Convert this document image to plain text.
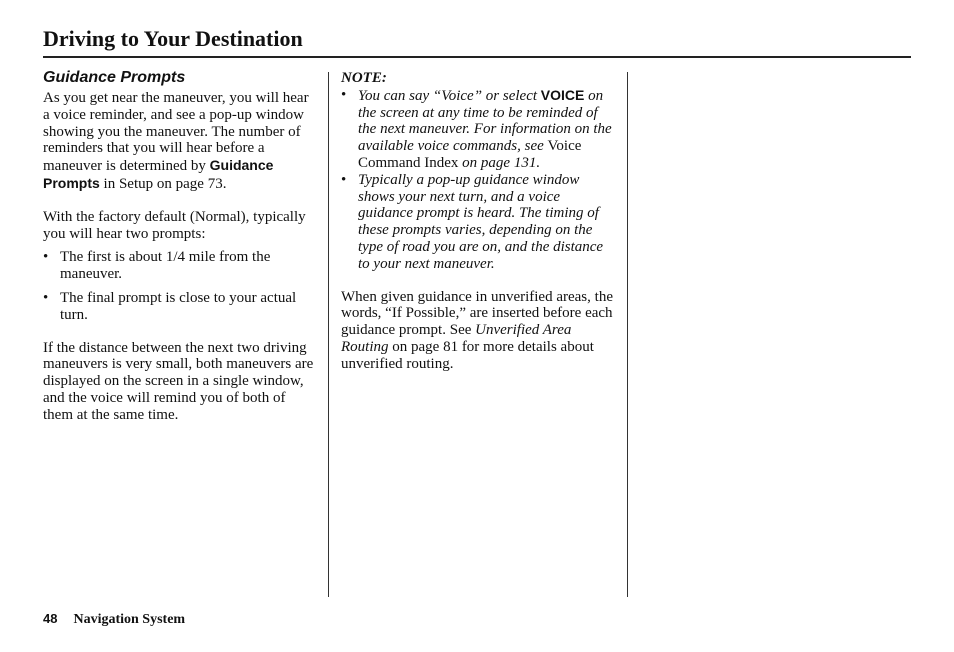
Driving to Your Destination
Guidance Prompts

As you get near the maneuver, you will hear a voice reminder, and see a pop-up window showing you the maneuver. The number of reminders that you will hear before a maneuver is determined by Guidance Prompts in Setup on page 73.

With the factory default (Normal), typically you will hear two prompts:

• The first is about 1/4 mile from the maneuver.
• The final prompt is close to your actual turn.

If the distance between the next two driving maneuvers is very small, both maneuvers are displayed on the screen in a single window, and the voice will remind you of both of them at the same time.

NOTE:

• You can say “Voice” or select VOICE on the screen at any time to be reminded of the next maneuver. For information on the available voice commands, see Voice Command Index on page 131.
• Typically a pop-up guidance window shows your next turn, and a voice guidance prompt is heard. The timing of these prompts varies, depending on the type of road you are on, and the distance to your next maneuver.

When given guidance in unverified areas, the words, “If Possible,” are inserted before each guidance prompt. See Unverified Area Routing on page 81 for more details about unverified routing.

48 Navigation System
